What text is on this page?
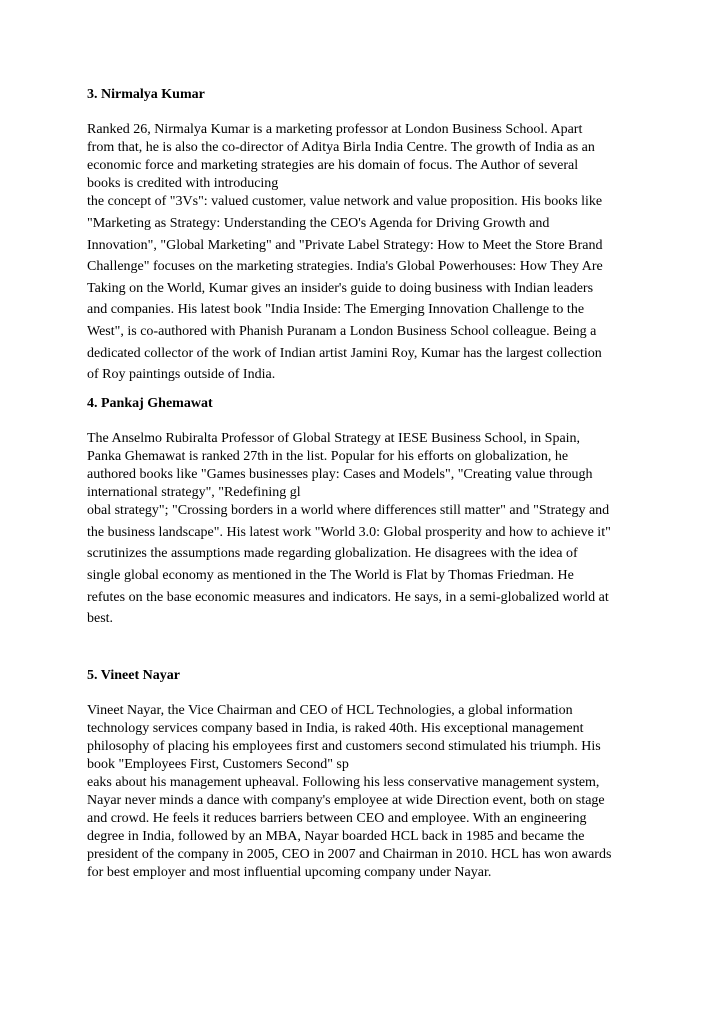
3. Nirmalya Kumar
Ranked 26, Nirmalya Kumar is a marketing professor at London Business School. Apart
from that, he is also the co-director of Aditya Birla India Centre. The growth of India as an
economic force and marketing strategies are his domain of focus. The Author of several
books is credited with introducing
the concept of "3Vs": valued customer, value network and value proposition. His books like
"Marketing as Strategy: Understanding the CEO's Agenda for Driving Growth and
Innovation", "Global Marketing" and "Private Label Strategy: How to Meet the Store Brand
Challenge" focuses on the marketing strategies. India's Global Powerhouses: How They Are
Taking on the World, Kumar gives an insider's guide to doing business with Indian leaders
and companies. His latest book "India Inside: The Emerging Innovation Challenge to the
West", is co-authored with Phanish Puranam a London Business School colleague. Being a
dedicated collector of the work of Indian artist Jamini Roy, Kumar has the largest collection
of Roy paintings outside of India.
4. Pankaj Ghemawat
The Anselmo Rubiralta Professor of Global Strategy at IESE Business School, in Spain,
Panka Ghemawat is ranked 27th in the list. Popular for his efforts on globalization, he
authored books like "Games businesses play: Cases and Models", "Creating value through
international strategy", "Redefining gl
obal strategy"; "Crossing borders in a world where differences still matter" and "Strategy and
the business landscape". His latest work "World 3.0: Global prosperity and how to achieve it"
scrutinizes the assumptions made regarding globalization. He disagrees with the idea of
single global economy as mentioned in the The World is Flat by Thomas Friedman. He
refutes on the base economic measures and indicators. He says, in a semi-globalized world at
best.
5. Vineet Nayar
Vineet Nayar, the Vice Chairman and CEO of HCL Technologies, a global information
technology services company based in India, is raked 40th. His exceptional management
philosophy of placing his employees first and customers second stimulated his triumph. His
book "Employees First, Customers Second" sp
eaks about his management upheaval. Following his less conservative management system,
Nayar never minds a dance with company's employee at wide Direction event, both on stage
and crowd. He feels it reduces barriers between CEO and employee. With an engineering
degree in India, followed by an MBA, Nayar boarded HCL back in 1985 and became the
president of the company in 2005, CEO in 2007 and Chairman in 2010. HCL has won awards
for best employer and most influential upcoming company under Nayar.
